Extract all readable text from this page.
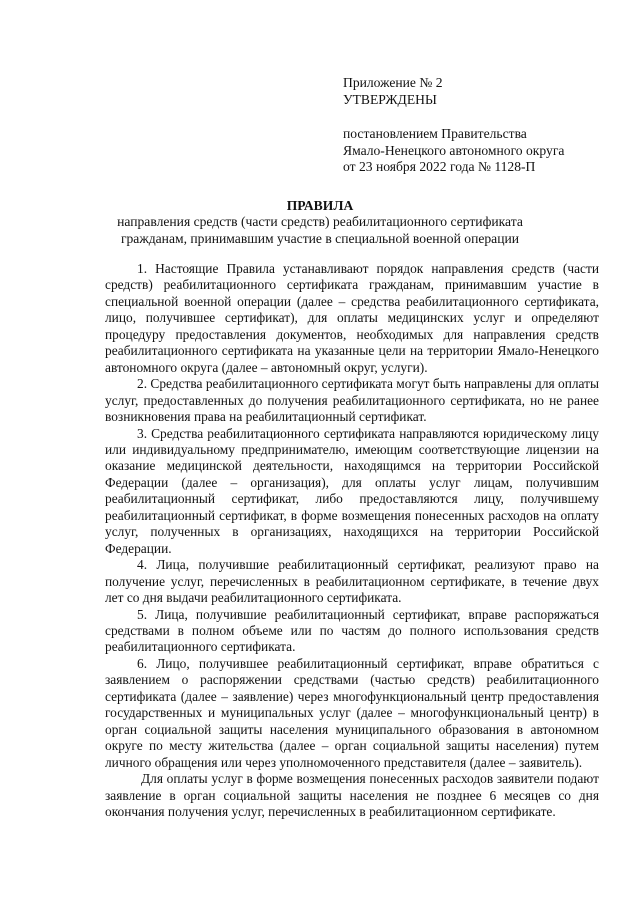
Приложение № 2
УТВЕРЖДЕНЫ
постановлением Правительства
Ямало-Ненецкого автономного округа
от 23 ноября 2022 года № 1128-П
ПРАВИЛА
направления средств (части средств) реабилитационного сертификата гражданам, принимавшим участие в специальной военной операции

1. Настоящие Правила устанавливают порядок направления средств (части средств) реабилитационного сертификата гражданам, принимавшим участие в специальной военной операции (далее – средства реабилитационного сертификата, лицо, получившее сертификат), для оплаты медицинских услуг и определяют процедуру предоставления документов, необходимых для направления средств реабилитационного сертификата на указанные цели на территории Ямало-Ненецкого автономного округа (далее – автономный округ, услуги).

2. Средства реабилитационного сертификата могут быть направлены для оплаты услуг, предоставленных до получения реабилитационного сертификата, но не ранее возникновения права на реабилитационный сертификат.

3. Средства реабилитационного сертификата направляются юридическому лицу или индивидуальному предпринимателю, имеющим соответствующие лицензии на оказание медицинской деятельности, находящимся на территории Российской Федерации (далее – организация), для оплаты услуг лицам, получившим реабилитационный сертификат, либо предоставляются лицу, получившему реабилитационный сертификат, в форме возмещения понесенных расходов на оплату услуг, полученных в организациях, находящихся на территории Российской Федерации.

4. Лица, получившие реабилитационный сертификат, реализуют право на получение услуг, перечисленных в реабилитационном сертификате, в течение двух лет со дня выдачи реабилитационного сертификата.

5. Лица, получившие реабилитационный сертификат, вправе распоряжаться средствами в полном объеме или по частям до полного использования средств реабилитационного сертификата.

6. Лицо, получившее реабилитационный сертификат, вправе обратиться с заявлением о распоряжении средствами (частью средств) реабилитационного сертификата (далее – заявление) через многофункциональный центр предоставления государственных и муниципальных услуг (далее – многофункциональный центр) в орган социальной защиты населения муниципального образования в автономном округе по месту жительства (далее – орган социальной защиты населения) путем личного обращения или через уполномоченного представителя (далее – заявитель).

Для оплаты услуг в форме возмещения понесенных расходов заявители подают заявление в орган социальной защиты населения не позднее 6 месяцев со дня окончания получения услуг, перечисленных в реабилитационном сертификате.
